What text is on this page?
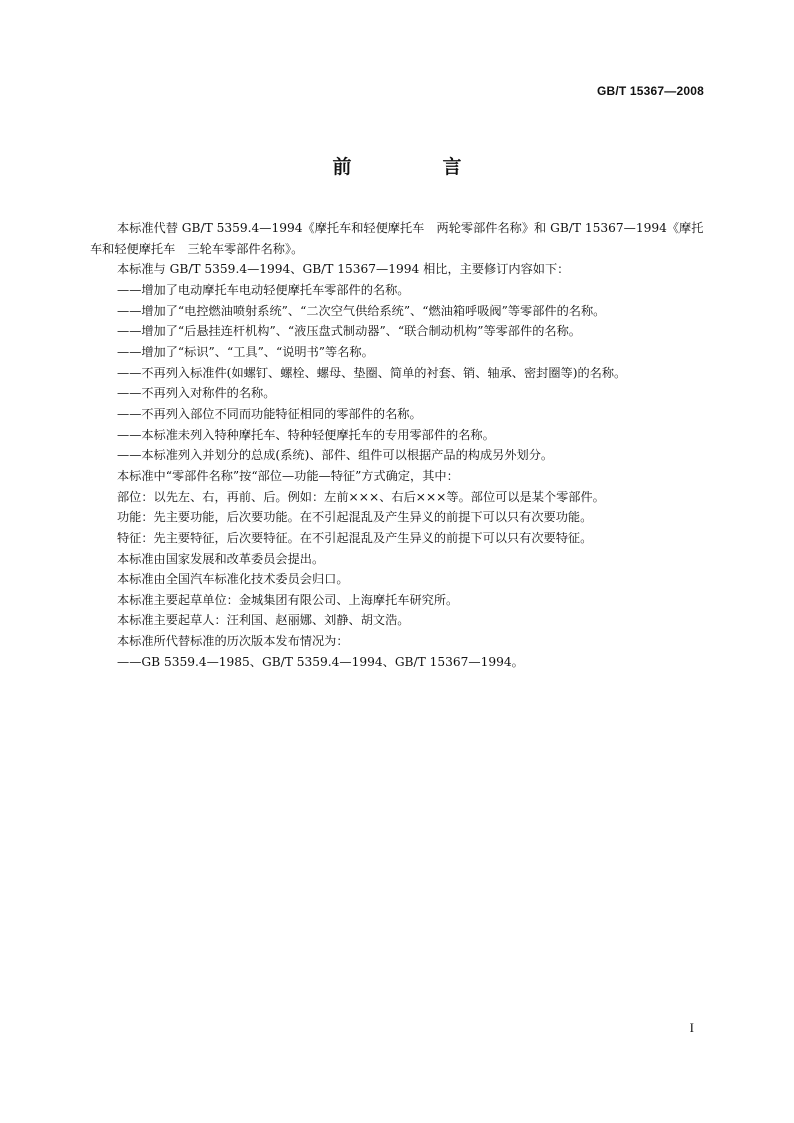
GB/T 15367—2008
前　言

本标准代替 GB/T 5359.4—1994《摩托车和轻便摩托车　两轮零部件名称》和 GB/T 15367—1994《摩托车和轻便摩托车　三轮车零部件名称》。

本标准与 GB/T 5359.4—1994、GB/T 15367—1994 相比，主要修订内容如下：

——增加了电动摩托车电动轻便摩托车零部件的名称。

——增加了“电控燃油喷射系统”、“二次空气供给系统”、“燃油箱呼吸阀”等零部件的名称。

——增加了“后悬挂连杆机构”、“液压盘式制动器”、“联合制动机构”等零部件的名称。

——增加了“标识”、“工具”、“说明书”等名称。

——不再列入标准件(如螺钉、螺栓、螺母、垫圈、简单的衬套、销、轴承、密封圈等)的名称。

——不再列入对称件的名称。

——不再列入部位不同而功能特征相同的零部件的名称。

——本标准未列入特种摩托车、特种轻便摩托车的专用零部件的名称。

——本标准列入并划分的总成(系统)、部件、组件可以根据产品的构成另外划分。

本标准中“零部件名称”按“部位—功能—特征”方式确定，其中：

部位：以先左、右，再前、后。例如：左前×××、右后×××等。部位可以是某个零部件。

功能：先主要功能，后次要功能。在不引起混乱及产生异义的前提下可以只有次要功能。

特征：先主要特征，后次要特征。在不引起混乱及产生异义的前提下可以只有次要特征。

本标准由国家发展和改革委员会提出。

本标准由全国汽车标准化技术委员会归口。

本标准主要起草单位：金城集团有限公司、上海摩托车研究所。

本标准主要起草人：汪利国、赵丽娜、刘静、胡文浩。

本标准所代替标准的历次版本发布情况为：

——GB 5359.4—1985、GB/T 5359.4—1994、GB/T 15367—1994。

I
